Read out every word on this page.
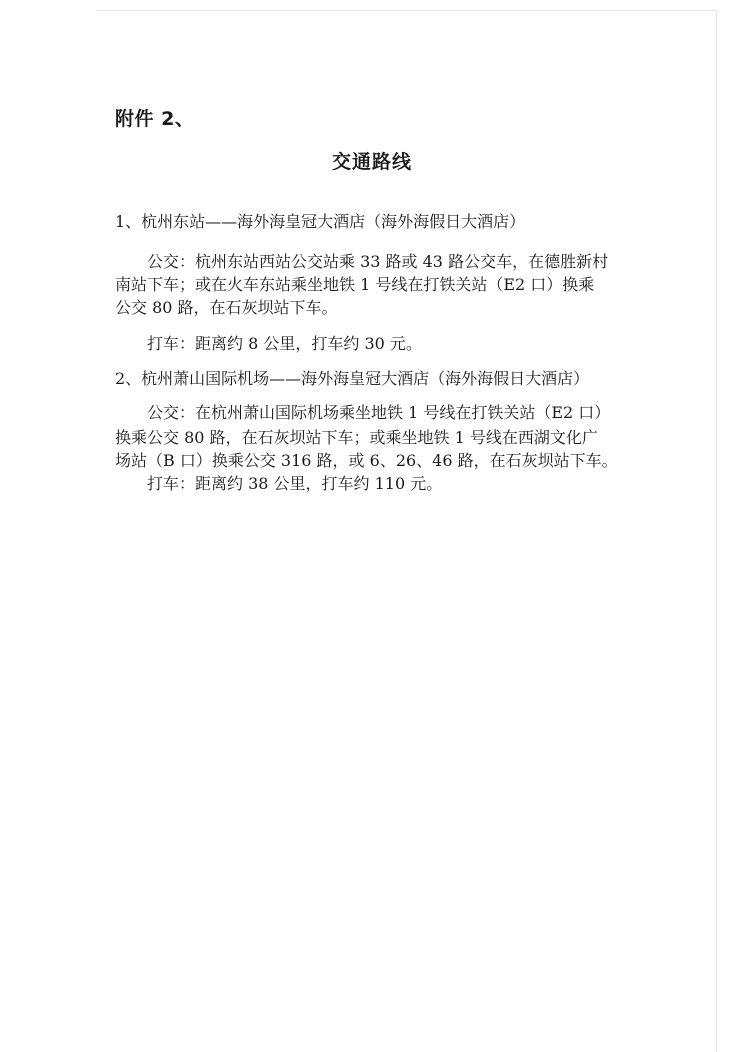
附件 2、
交通路线
1、杭州东站——海外海皇冠大酒店（海外海假日大酒店）
公交：杭州东站西站公交站乘 33 路或 43 路公交车，在德胜新村
南站下车；或在火车东站乘坐地铁 1 号线在打铁关站（E2 口）换乘
公交 80 路，在石灰坝站下车。
打车：距离约 8 公里，打车约 30 元。
2、杭州萧山国际机场——海外海皇冠大酒店（海外海假日大酒店）
公交：在杭州萧山国际机场乘坐地铁 1 号线在打铁关站（E2 口）
换乘公交 80 路，在石灰坝站下车；或乘坐地铁 1 号线在西湖文化广
场站（B 口）换乘公交 316 路，或 6、26、46 路，在石灰坝站下车。
打车：距离约 38 公里，打车约 110 元。
